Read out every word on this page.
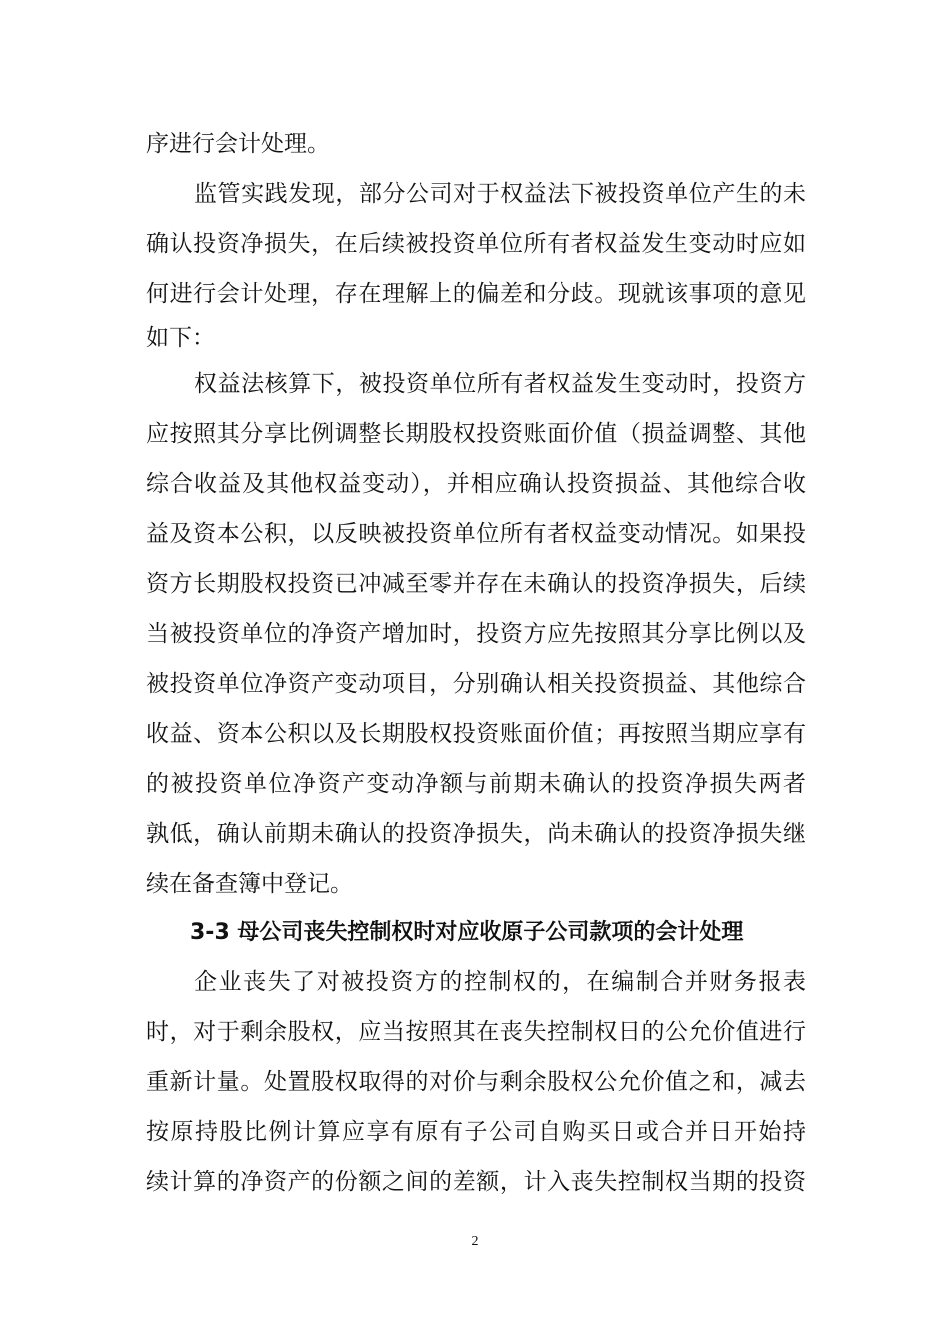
序进行会计处理。
监管实践发现，部分公司对于权益法下被投资单位产生的未
确认投资净损失，在后续被投资单位所有者权益发生变动时应如
何进行会计处理，存在理解上的偏差和分歧。现就该事项的意见
如下：
权益法核算下，被投资单位所有者权益发生变动时，投资方
应按照其分享比例调整长期股权投资账面价值（损益调整、其他
综合收益及其他权益变动），并相应确认投资损益、其他综合收
益及资本公积，以反映被投资单位所有者权益变动情况。如果投
资方长期股权投资已冲减至零并存在未确认的投资净损失，后续
当被投资单位的净资产增加时，投资方应先按照其分享比例以及
被投资单位净资产变动项目，分别确认相关投资损益、其他综合
收益、资本公积以及长期股权投资账面价值；再按照当期应享有
的被投资单位净资产变动净额与前期未确认的投资净损失两者
孰低，确认前期未确认的投资净损失，尚未确认的投资净损失继
续在备查簿中登记。
3-3 母公司丧失控制权时对应收原子公司款项的会计处理
企业丧失了对被投资方的控制权的，在编制合并财务报表
时，对于剩余股权，应当按照其在丧失控制权日的公允价值进行
重新计量。处置股权取得的对价与剩余股权公允价值之和，减去
按原持股比例计算应享有原有子公司自购买日或合并日开始持
续计算的净资产的份额之间的差额，计入丧失控制权当期的投资
2
